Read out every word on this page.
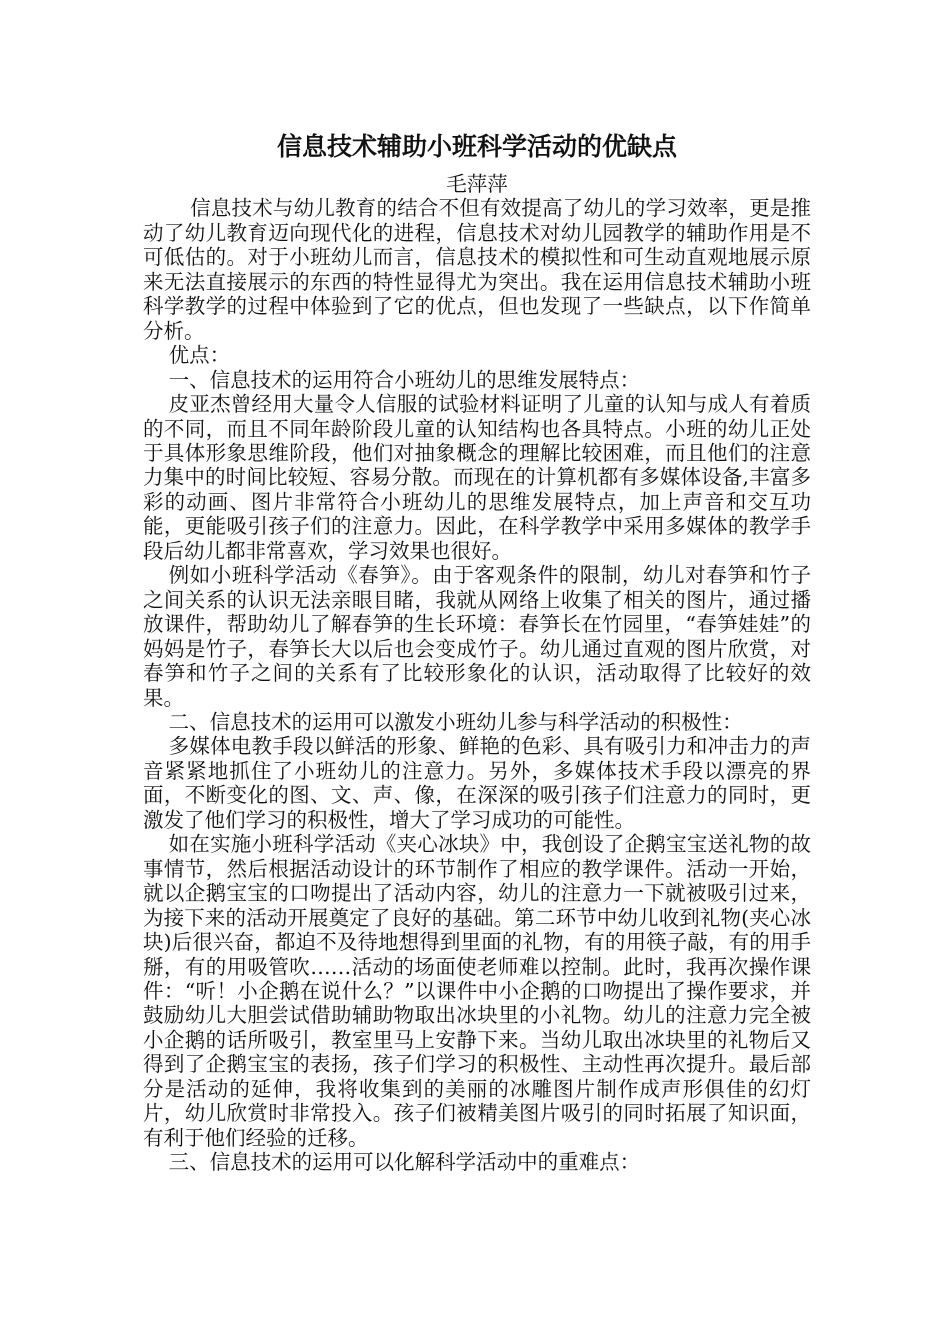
信息技术辅助小班科学活动的优缺点
毛萍萍

信息技术与幼儿教育的结合不但有效提高了幼儿的学习效率，更是推动了幼儿教育迈向现代化的进程，信息技术对幼儿园教学的辅助作用是不可低估的。对于小班幼儿而言，信息技术的模拟性和可生动直观地展示原来无法直接展示的东西的特性显得尤为突出。我在运用信息技术辅助小班科学教学的过程中体验到了它的优点，但也发现了一些缺点，以下作简单分析。

优点：

一、信息技术的运用符合小班幼儿的思维发展特点：

皮亚杰曾经用大量令人信服的试验材料证明了儿童的认知与成人有着质的不同，而且不同年龄阶段儿童的认知结构也各具特点。小班的幼儿正处于具体形象思维阶段，他们对抽象概念的理解比较困难，而且他们的注意力集中的时间比较短、容易分散。而现在的计算机都有多媒体设备,丰富多彩的动画、图片非常符合小班幼儿的思维发展特点，加上声音和交互功能，更能吸引孩子们的注意力。因此，在科学教学中采用多媒体的教学手段后幼儿都非常喜欢，学习效果也很好。

例如小班科学活动《春笋》。由于客观条件的限制，幼儿对春笋和竹子之间关系的认识无法亲眼目睹，我就从网络上收集了相关的图片，通过播放课件，帮助幼儿了解春笋的生长环境：春笋长在竹园里，“春笋娃娃”的妈妈是竹子，春笋长大以后也会变成竹子。幼儿通过直观的图片欣赏，对春笋和竹子之间的关系有了比较形象化的认识，活动取得了比较好的效果。

二、信息技术的运用可以激发小班幼儿参与科学活动的积极性：

多媒体电教手段以鲜活的形象、鲜艳的色彩、具有吸引力和冲击力的声音紧紧地抓住了小班幼儿的注意力。另外，多媒体技术手段以漂亮的界面，不断变化的图、文、声、像，在深深的吸引孩子们注意力的同时，更激发了他们学习的积极性，增大了学习成功的可能性。

如在实施小班科学活动《夹心冰块》中，我创设了企鹅宝宝送礼物的故事情节，然后根据活动设计的环节制作了相应的教学课件。活动一开始，就以企鹅宝宝的口吻提出了活动内容，幼儿的注意力一下就被吸引过来，为接下来的活动开展奠定了良好的基础。第二环节中幼儿收到礼物(夹心冰块)后很兴奋，都迫不及待地想得到里面的礼物，有的用筷子敲，有的用手掰，有的用吸管吹……活动的场面使老师难以控制。此时，我再次操作课件：“听！小企鹅在说什么？”以课件中小企鹅的口吻提出了操作要求，并鼓励幼儿大胆尝试借助辅助物取出冰块里的小礼物。幼儿的注意力完全被小企鹅的话所吸引，教室里马上安静下来。当幼儿取出冰块里的礼物后又得到了企鹅宝宝的表扬，孩子们学习的积极性、主动性再次提升。最后部分是活动的延伸，我将收集到的美丽的冰雕图片制作成声形俱佳的幻灯片，幼儿欣赏时非常投入。孩子们被精美图片吸引的同时拓展了知识面，有利于他们经验的迁移。

三、信息技术的运用可以化解科学活动中的重难点：
